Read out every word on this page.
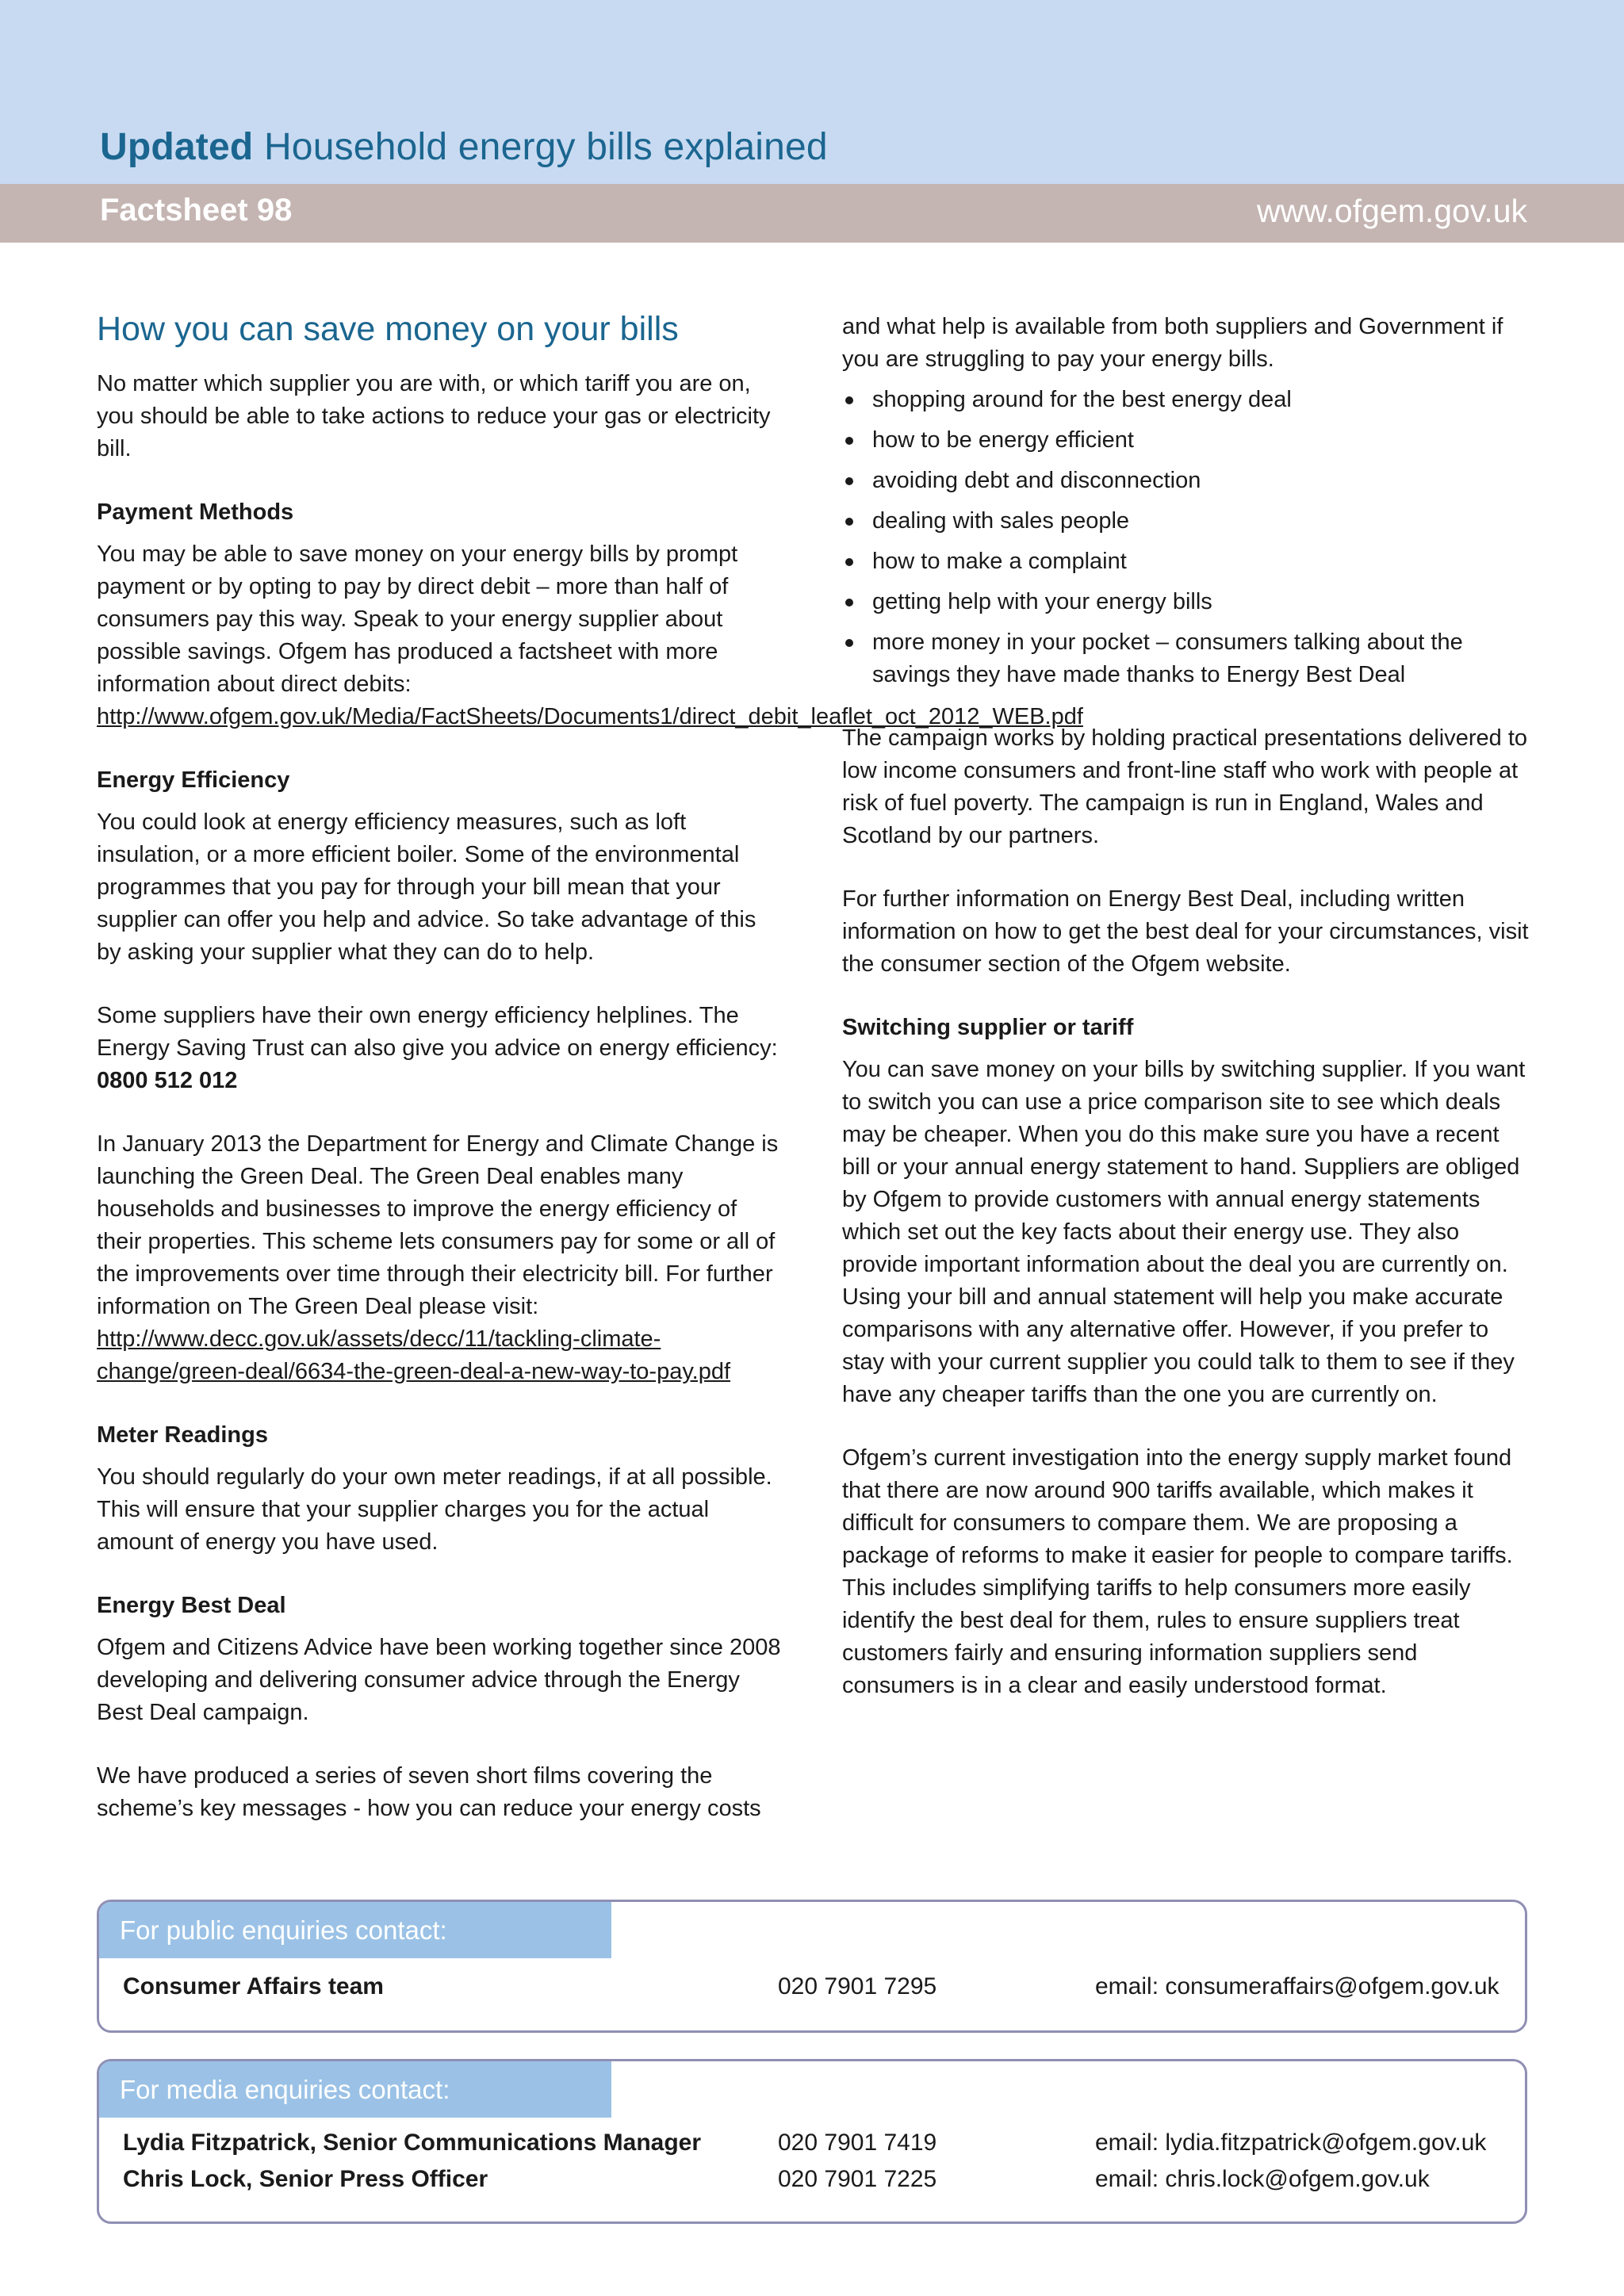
Updated Household energy bills explained
Factsheet 98	www.ofgem.gov.uk
How you can save money on your bills

No matter which supplier you are with, or which tariff you are on, you should be able to take actions to reduce your gas or electricity bill.

Payment Methods

You may be able to save money on your energy bills by prompt payment or by opting to pay by direct debit – more than half of consumers pay this way. Speak to your energy supplier about possible savings. Ofgem has produced a factsheet with more information about direct debits: http://www.ofgem.gov.uk/Media/FactSheets/Documents1/direct_debit_leaflet_oct_2012_WEB.pdf

Energy Efficiency

You could look at energy efficiency measures, such as loft insulation, or a more efficient boiler. Some of the environmental programmes that you pay for through your bill mean that your supplier can offer you help and advice. So take advantage of this by asking your supplier what they can do to help.

Some suppliers have their own energy efficiency helplines. The Energy Saving Trust can also give you advice on energy efficiency: 0800 512 012

In January 2013 the Department for Energy and Climate Change is launching the Green Deal. The Green Deal enables many households and businesses to improve the energy efficiency of their properties. This scheme lets consumers pay for some or all of the improvements over time through their electricity bill. For further information on The Green Deal please visit: http://www.decc.gov.uk/assets/decc/11/tackling-climate-change/green-deal/6634-the-green-deal-a-new-way-to-pay.pdf

Meter Readings

You should regularly do your own meter readings, if at all possible. This will ensure that your supplier charges you for the actual amount of energy you have used.

Energy Best Deal

Ofgem and Citizens Advice have been working together since 2008 developing and delivering consumer advice through the Energy Best Deal campaign.

We have produced a series of seven short films covering the scheme’s key messages - how you can reduce your energy costs

and what help is available from both suppliers and Government if you are struggling to pay your energy bills.

shopping around for the best energy deal
how to be energy efficient
avoiding debt and disconnection
dealing with sales people
how to make a complaint
getting help with your energy bills
more money in your pocket – consumers talking about the savings they have made thanks to Energy Best Deal

The campaign works by holding practical presentations delivered to low income consumers and front-line staff who work with people at risk of fuel poverty. The campaign is run in England, Wales and Scotland by our partners.

For further information on Energy Best Deal, including written information on how to get the best deal for your circumstances, visit the consumer section of the Ofgem website.

Switching supplier or tariff

You can save money on your bills by switching supplier. If you want to switch you can use a price comparison site to see which deals may be cheaper. When you do this make sure you have a recent bill or your annual energy statement to hand. Suppliers are obliged by Ofgem to provide customers with annual energy statements which set out the key facts about their energy use. They also provide important information about the deal you are currently on. Using your bill and annual statement will help you make accurate comparisons with any alternative offer. However, if you prefer to stay with your current supplier you could talk to them to see if they have any cheaper tariffs than the one you are currently on.

Ofgem’s current investigation into the energy supply market found that there are now around 900 tariffs available, which makes it difficult for consumers to compare them. We are proposing a package of reforms to make it easier for people to compare tariffs. This includes simplifying tariffs to help consumers more easily identify the best deal for them, rules to ensure suppliers treat customers fairly and ensuring information suppliers send consumers is in a clear and easily understood format.

For public enquiries contact:
Consumer Affairs team	020 7901 7295	email: consumeraffairs@ofgem.gov.uk
For media enquiries contact:
Lydia Fitzpatrick, Senior Communications Manager	020 7901 7419	email: lydia.fitzpatrick@ofgem.gov.uk
Chris Lock, Senior Press Officer	020 7901 7225	email: chris.lock@ofgem.gov.uk
